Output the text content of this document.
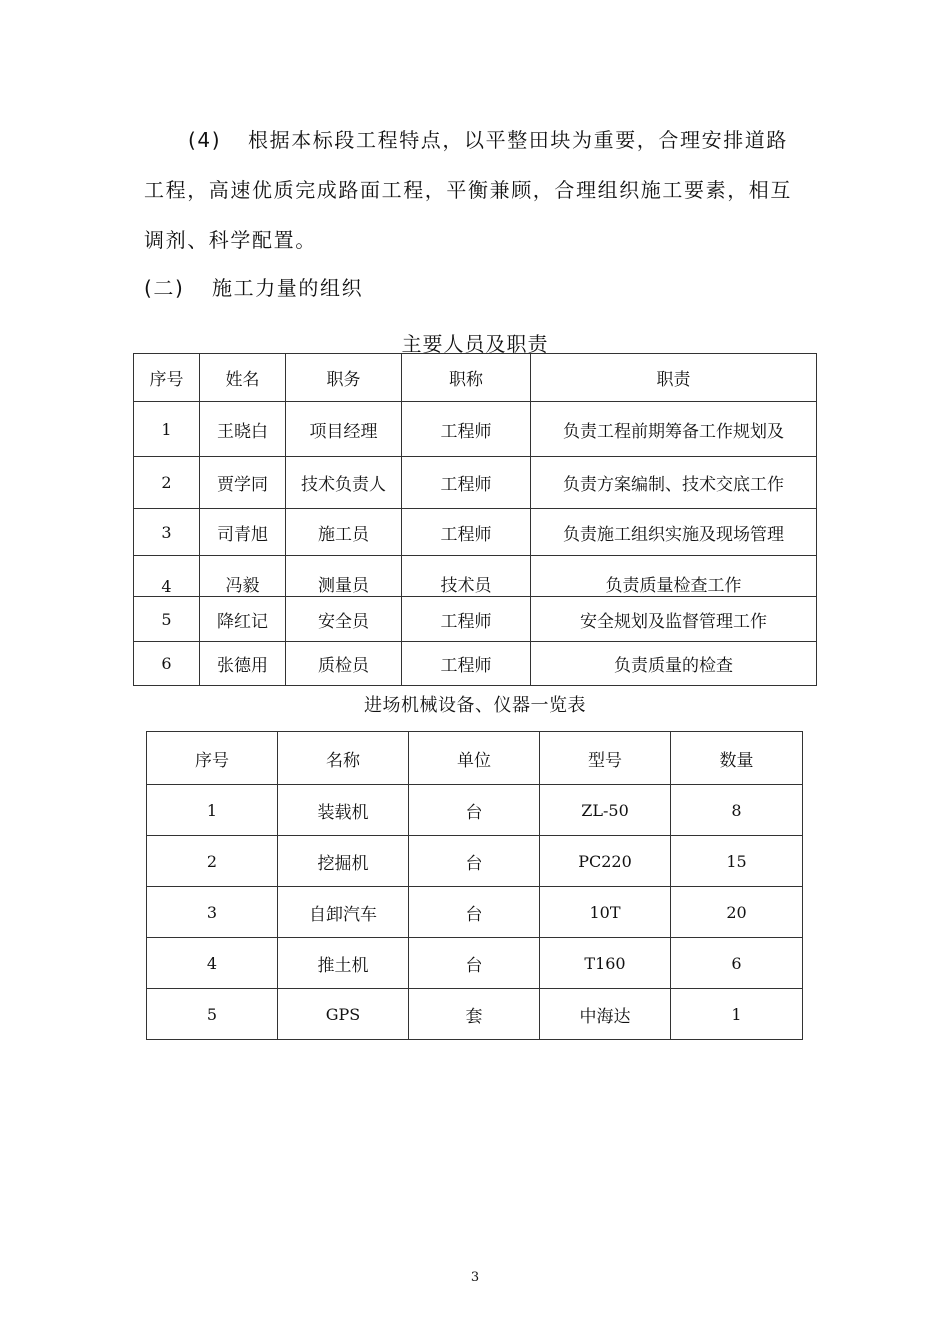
(4) 根据本标段工程特点，以平整田块为重要，合理安排道路
工程，高速优质完成路面工程，平衡兼顾，合理组织施工要素，相互
调剂、科学配置。
(二) 施工力量的组织
主要人员及职责
序号	姓名	职务	职称	职责
1	王晓白	项目经理	工程师	负责工程前期筹备工作规划及
2	贾学同	技术负责人	工程师	负责方案编制、技术交底工作
3	司青旭	施工员	工程师	负责施工组织实施及现场管理
4	冯毅	测量员	技术员	负责质量检查工作
5	降红记	安全员	工程师	安全规划及监督管理工作
6	张德用	质检员	工程师	负责质量的检查
进场机械设备、仪器一览表
序号	名称	单位	型号	数量
1	装载机	台	ZL-50	8
2	挖掘机	台	PC220	15
3	自卸汽车	台	10T	20
4	推土机	台	T160	6
5	GPS	套	中海达	1
3
